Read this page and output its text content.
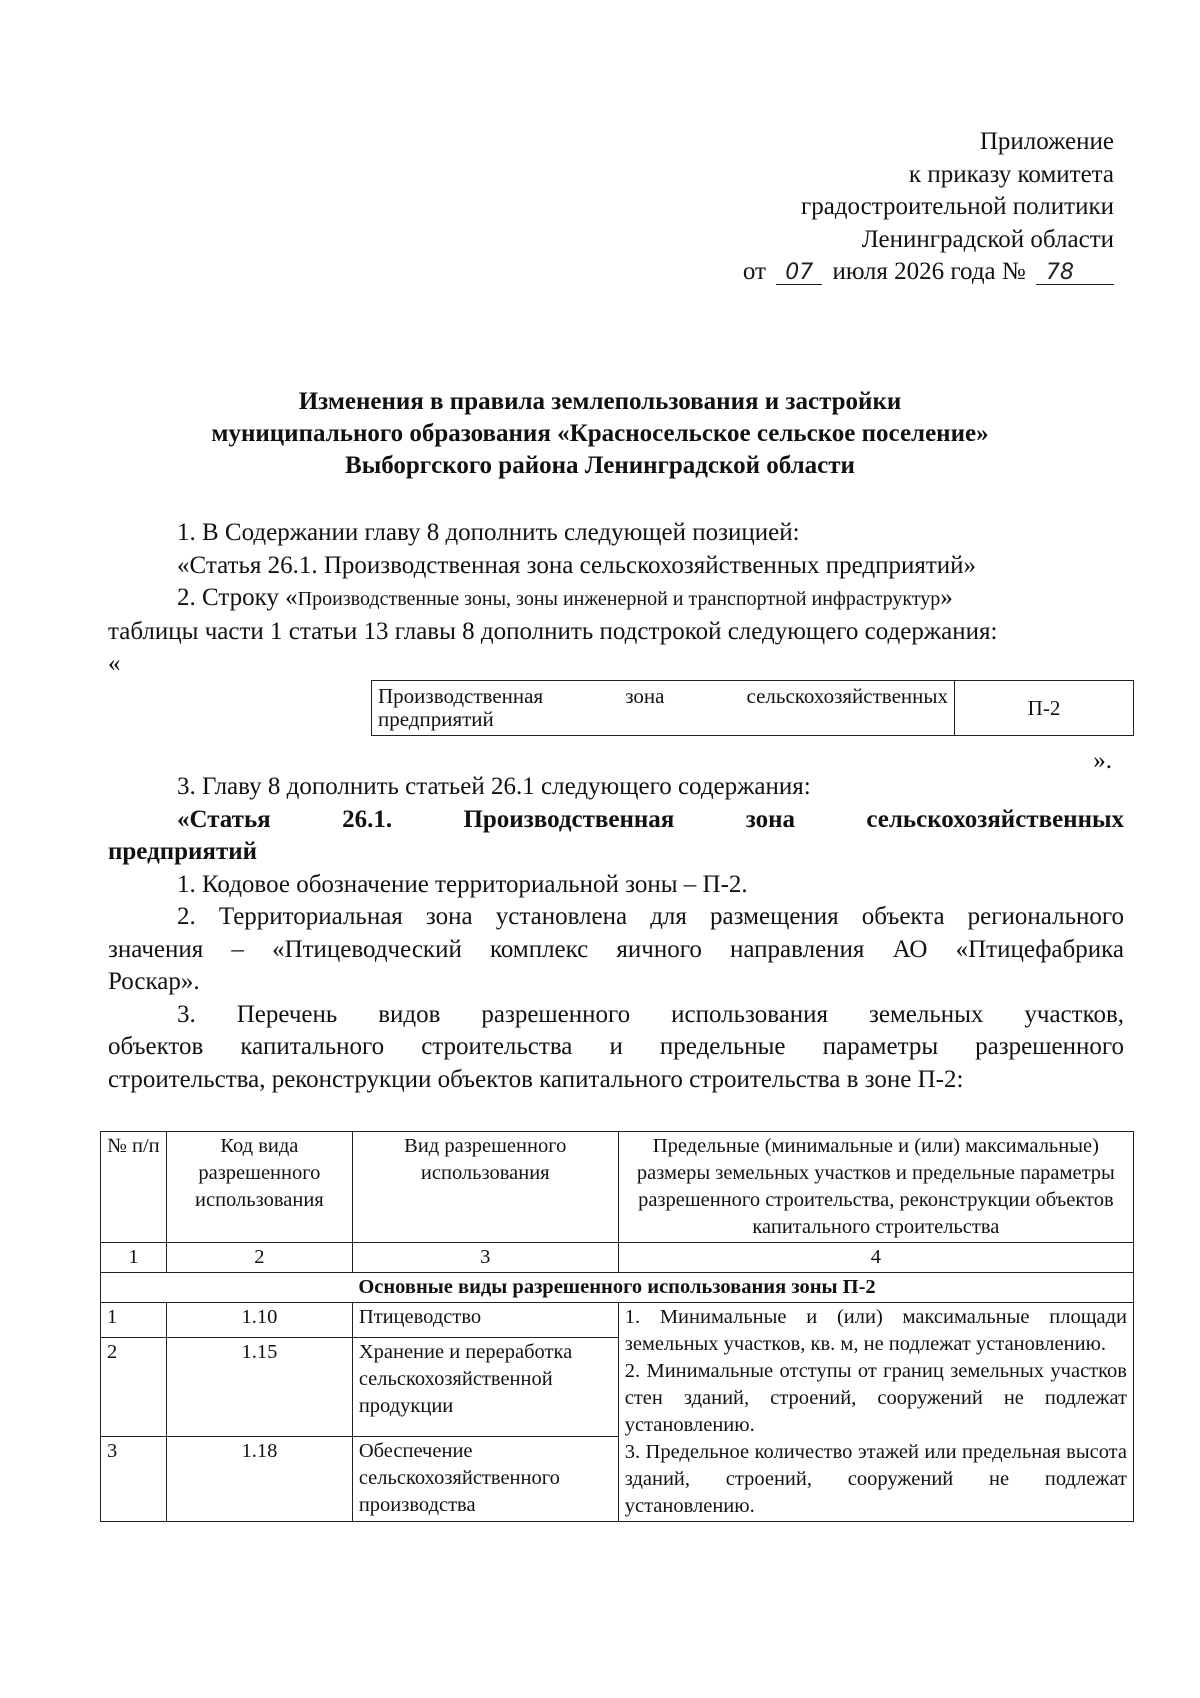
Приложение
к приказу комитета
градостроительной политики
Ленинградской области
от 07 июля 2026 года № 78
Изменения в правила землепользования и застройки
муниципального образования «Красносельское сельское поселение»
Выборгского района Ленинградской области
1. В Содержании главу 8 дополнить следующей позицией:
«Статья 26.1. Производственная зона сельскохозяйственных предприятий»
2. Строку «Производственные зоны, зоны инженерной и транспортной инфраструктур»
таблицы части 1 статьи 13 главы 8 дополнить подстрокой следующего содержания:
«
Производственная зона сельскохозяйственных
предприятий	П-2
».
3. Главу 8 дополнить статьей 26.1 следующего содержания:
«Статья 26.1. Производственная зона сельскохозяйственных
предприятий
1. Кодовое обозначение территориальной зоны – П-2.
2. Территориальная зона установлена для размещения объекта регионального
значения – «Птицеводческий комплекс яичного направления АО «Птицефабрика
Роскар».
3. Перечень видов разрешенного использования земельных участков,
объектов капитального строительства и предельные параметры разрешенного
строительства, реконструкции объектов капитального строительства в зоне П-2:
№ п/п	Код вида разрешенного использования	Вид разрешенного использования	Предельные (минимальные и (или) максимальные) размеры земельных участков и предельные параметры разрешенного строительства, реконструкции объектов капитального строительства
1	2	3	4
Основные виды разрешенного использования зоны П-2			
1	1.10	Птицеводство	1. Минимальные и (или) максимальные площади земельных участков, кв. м, не подлежат установлению.
2. Минимальные отступы от границ земельных участков стен зданий, строений, сооружений не подлежат установлению.
3. Предельное количество этажей или предельная высота зданий, строений, сооружений не подлежат установлению.

2	1.15	Хранение и переработка сельскохозяйственной продукции	
3	1.18	Обеспечение сельскохозяйственного производства	
